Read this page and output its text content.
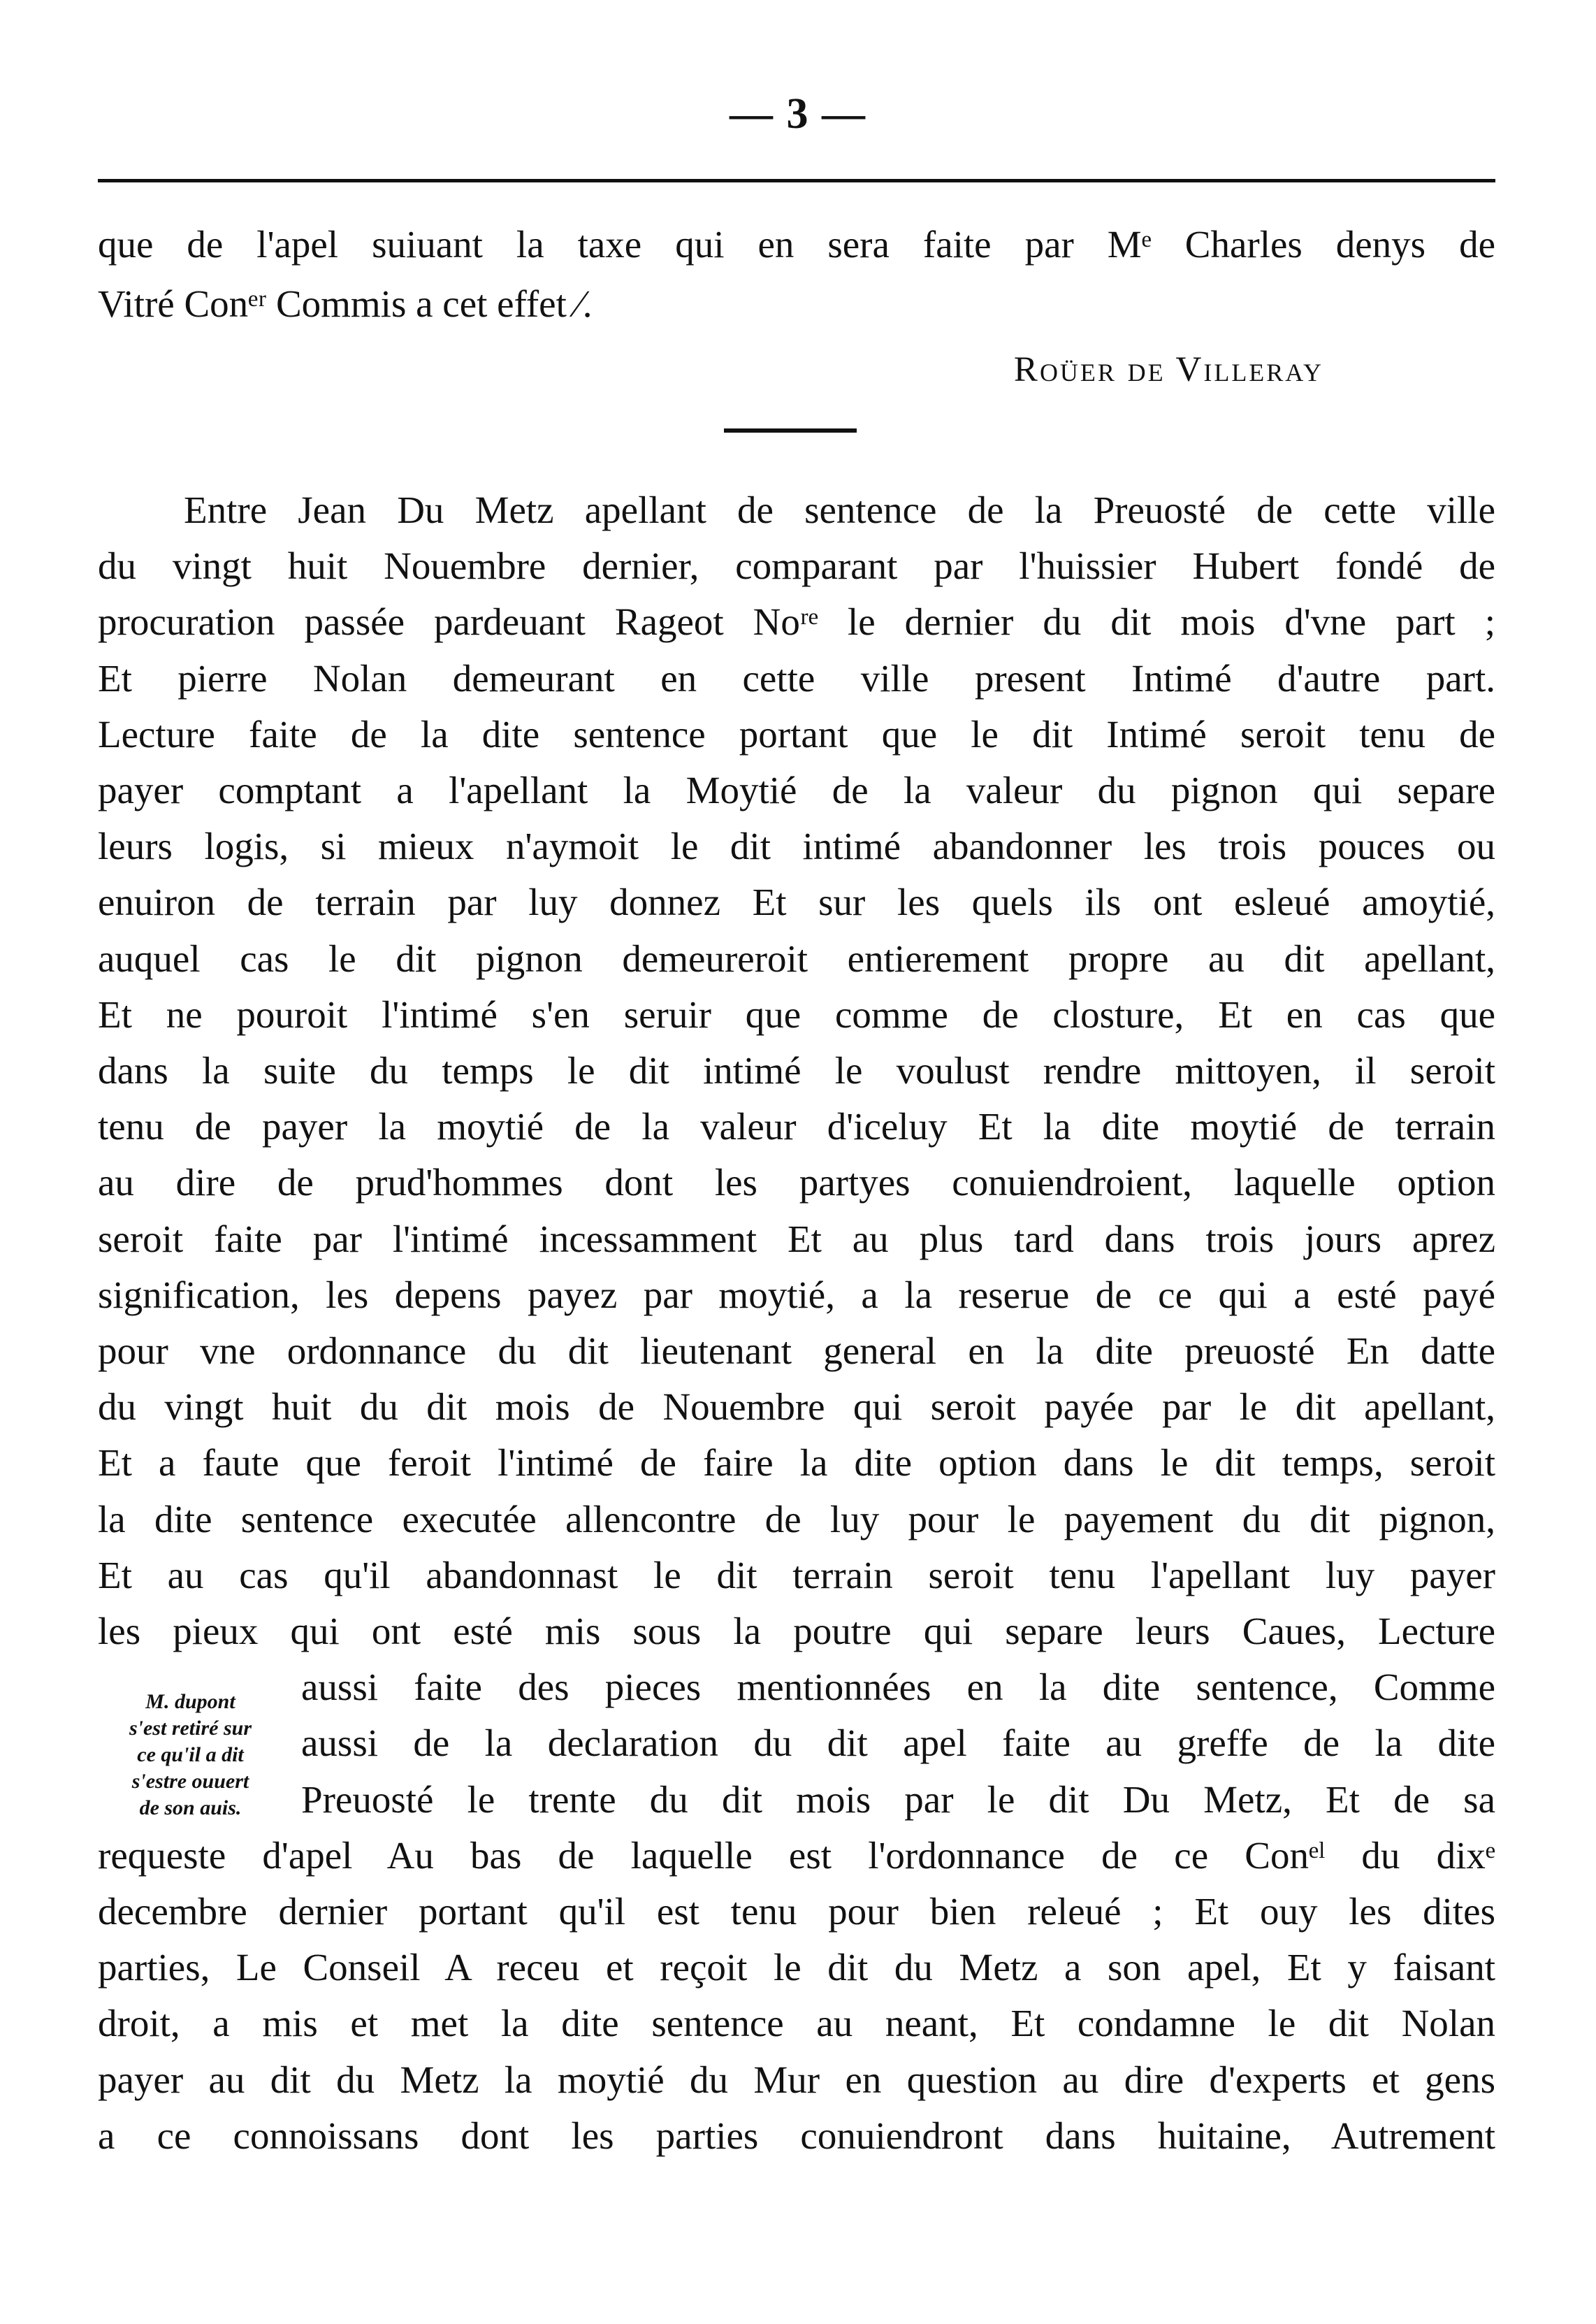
— 3 —
que de l'apel suiuant la taxe qui en sera faite par Mᵉ Charles denys de
Vitré Conᵉʳ Commis a cet effet ⁄.
Roüer de Villeray
Entre Jean Du Metz apellant de sentence de la Preuosté de cette ville
du vingt huit Nouembre dernier, comparant par l'huissier Hubert fondé de
procuration passée pardeuant Rageot Noʳᵉ le dernier du dit mois d'vne part ;
Et pierre Nolan demeurant en cette ville present Intimé d'autre part.
Lecture faite de la dite sentence portant que le dit Intimé seroit tenu de
payer comptant a l'apellant la Moytié de la valeur du pignon qui separe
leurs logis, si mieux n'aymoit le dit intimé abandonner les trois pouces ou
enuiron de terrain par luy donnez Et sur les quels ils ont esleué amoytié,
auquel cas le dit pignon demeureroit entierement propre au dit apellant,
Et ne pouroit l'intimé s'en seruir que comme de closture, Et en cas que
dans la suite du temps le dit intimé le voulust rendre mittoyen, il seroit
tenu de payer la moytié de la valeur d'iceluy Et la dite moytié de terrain
au dire de prud'hommes dont les partyes conuiendroient, laquelle option
seroit faite par l'intimé incessamment Et au plus tard dans trois jours aprez
signification, les depens payez par moytié, a la reserue de ce qui a esté payé
pour vne ordonnance du dit lieutenant general en la dite preuosté En datte
du vingt huit du dit mois de Nouembre qui seroit payée par le dit apellant,
Et a faute que feroit l'intimé de faire la dite option dans le dit temps, seroit
la dite sentence executée allencontre de luy pour le payement du dit pignon,
Et au cas qu'il abandonnast le dit terrain seroit tenu l'apellant luy payer
les pieux qui ont esté mis sous la poutre qui separe leurs Caues, Lecture
aussi faite des pieces mentionnées en la dite sentence, Comme
aussi de la declaration du dit apel faite au greffe de la dite
Preuosté le trente du dit mois par le dit Du Metz, Et de sa
requeste d'apel Au bas de laquelle est l'ordonnance de ce Conᵉˡ du dixᵉ
decembre dernier portant qu'il est tenu pour bien releué ; Et ouy les dites
parties, Le Conseil A receu et reçoit le dit du Metz a son apel, Et y faisant
droit, a mis et met la dite sentence au neant, Et condamne le dit Nolan
payer au dit du Metz la moytié du Mur en question au dire d'experts et gens
a ce connoissans dont les parties conuiendront dans huitaine, Autrement
M. dupont
s'est retiré sur
ce qu'il a dit
s'estre ouuert
de son auis.
